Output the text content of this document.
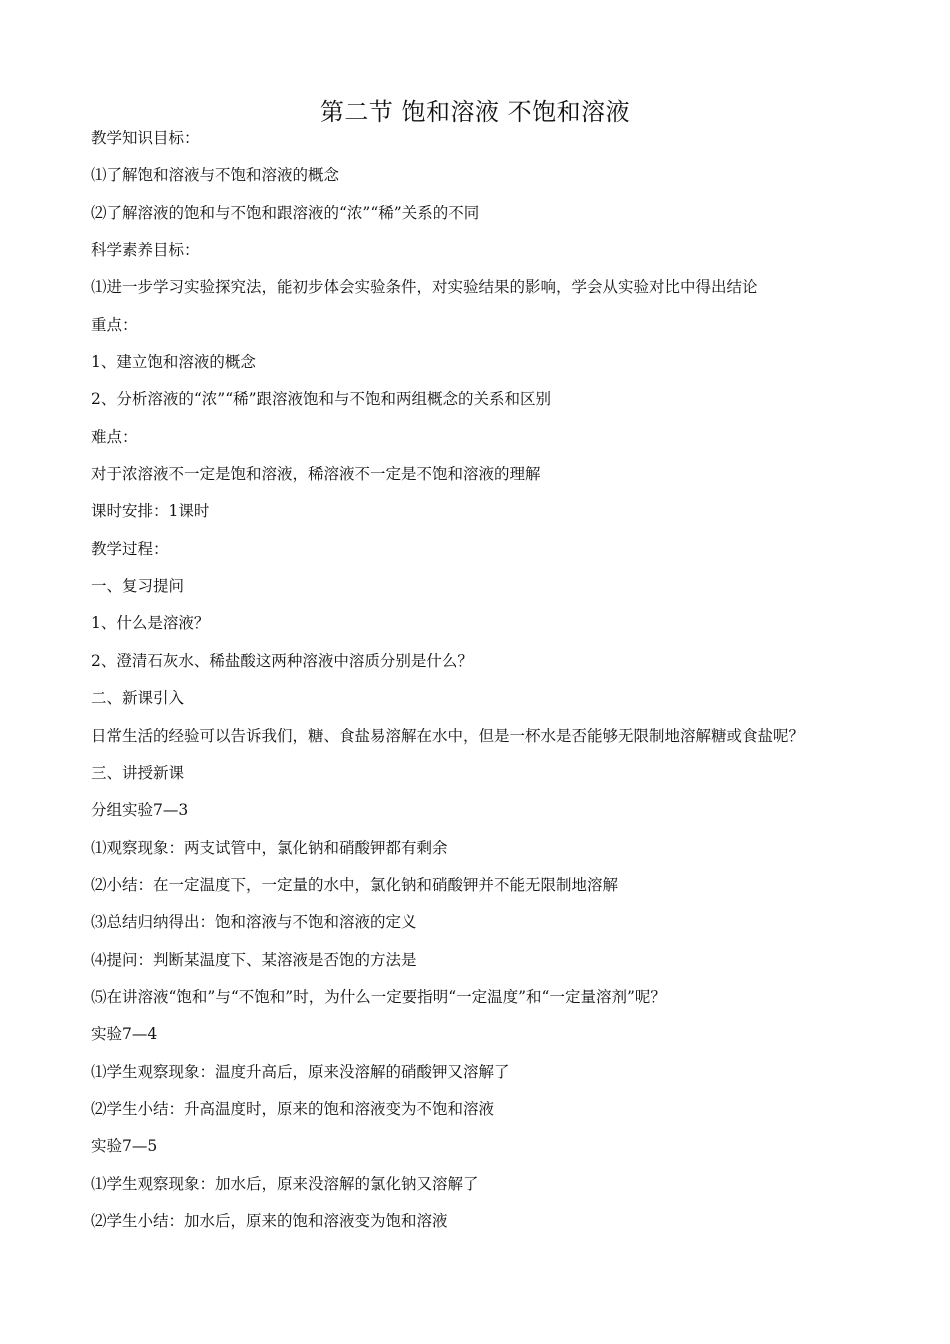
第二节 饱和溶液 不饱和溶液
教学知识目标：
⑴了解饱和溶液与不饱和溶液的概念
⑵了解溶液的饱和与不饱和跟溶液的“浓”“稀”关系的不同
科学素养目标：
⑴进一步学习实验探究法，能初步体会实验条件，对实验结果的影响，学会从实验对比中得出结论
重点：
1、建立饱和溶液的概念
2、分析溶液的“浓”“稀”跟溶液饱和与不饱和两组概念的关系和区别
难点：
对于浓溶液不一定是饱和溶液，稀溶液不一定是不饱和溶液的理解
课时安排：1课时
教学过程：
一、复习提问
1、什么是溶液？
2、澄清石灰水、稀盐酸这两种溶液中溶质分别是什么？
二、新课引入
日常生活的经验可以告诉我们，糖、食盐易溶解在水中，但是一杯水是否能够无限制地溶解糖或食盐呢？
三、讲授新课
分组实验7—3
⑴观察现象：两支试管中，氯化钠和硝酸钾都有剩余
⑵小结：在一定温度下，一定量的水中，氯化钠和硝酸钾并不能无限制地溶解
⑶总结归纳得出：饱和溶液与不饱和溶液的定义
⑷提问：判断某温度下、某溶液是否饱的方法是
⑸在讲溶液“饱和”与“不饱和”时，为什么一定要指明“一定温度”和“一定量溶剂”呢？
实验7—4
⑴学生观察现象：温度升高后，原来没溶解的硝酸钾又溶解了
⑵学生小结：升高温度时，原来的饱和溶液变为不饱和溶液
实验7—5
⑴学生观察现象：加水后，原来没溶解的氯化钠又溶解了
⑵学生小结：加水后，原来的饱和溶液变为饱和溶液
